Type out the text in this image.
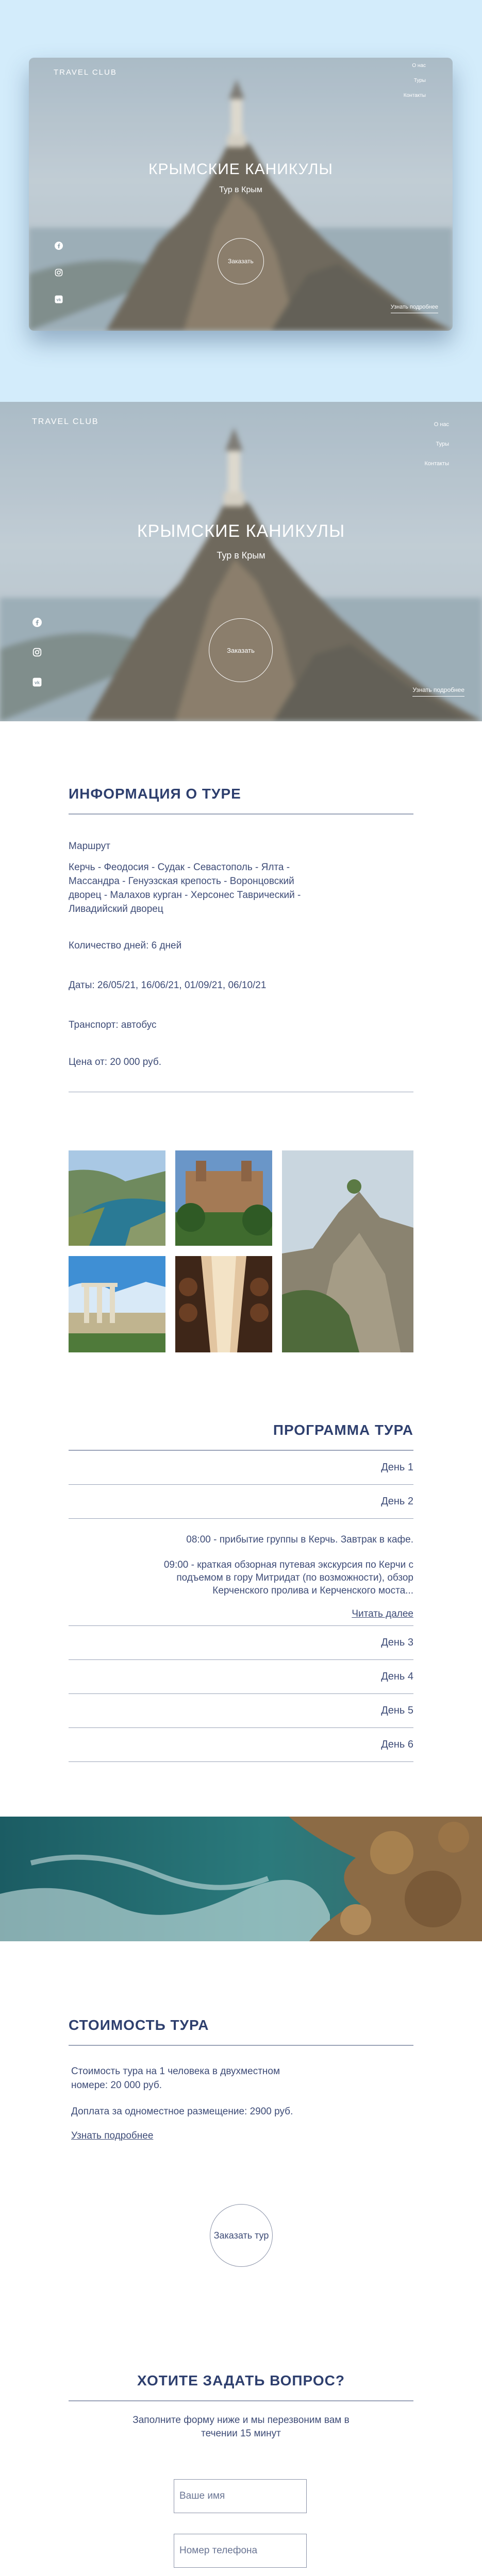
TRAVEL CLUB
О нас
Туры
Контакты
КРЫМСКИЕ КАНИКУЛЫ
Тур в Крым
Заказать
vk
Узнать подробнее
TRAVEL CLUB	О нас
Туры
Контакты
КРЫМСКИЕ КАНИКУЛЫ
Тур в Крым
Заказать
vk
Узнать подробнее
ИНФОРМАЦИЯ О ТУРЕ

Маршрут

Керчь - Феодосия - Судак - Севастополь - Ялта -

Массандра - Генуэзская крепость - Воронцовский

дворец - Малахов курган - Херсонес Таврический -

Ливадийский дворец

Количество дней: 6 дней

Даты: 26/05/21, 16/06/21, 01/09/21, 06/10/21

Транспорт: автобус

Цена от: 20 000 руб.

ПРОГРАММА ТУРА
День 1
День 2

08:00 - прибытие группы в Керчь. Завтрак в кафе.

09:00 - краткая обзорная путевая экскурсия по Керчи с

подъемом в гору Митридат (по возможности), обзор

Керченского пролива и Керченского моста...

Читать далее

День 3
День 4
День 5
День 6
СТОИМОСТЬ ТУРА

Стоимость тура на 1 человека в двухместном

номере: 20 000 руб.

Доплата за одноместное размещение: 2900 руб.

Узнать подробнее

Заказать тур
ХОТИТЕ ЗАДАТЬ ВОПРОС?

Заполните форму ниже и мы перезвоним вам в

течении 15 минут

Ваше имя
Номер телефона
